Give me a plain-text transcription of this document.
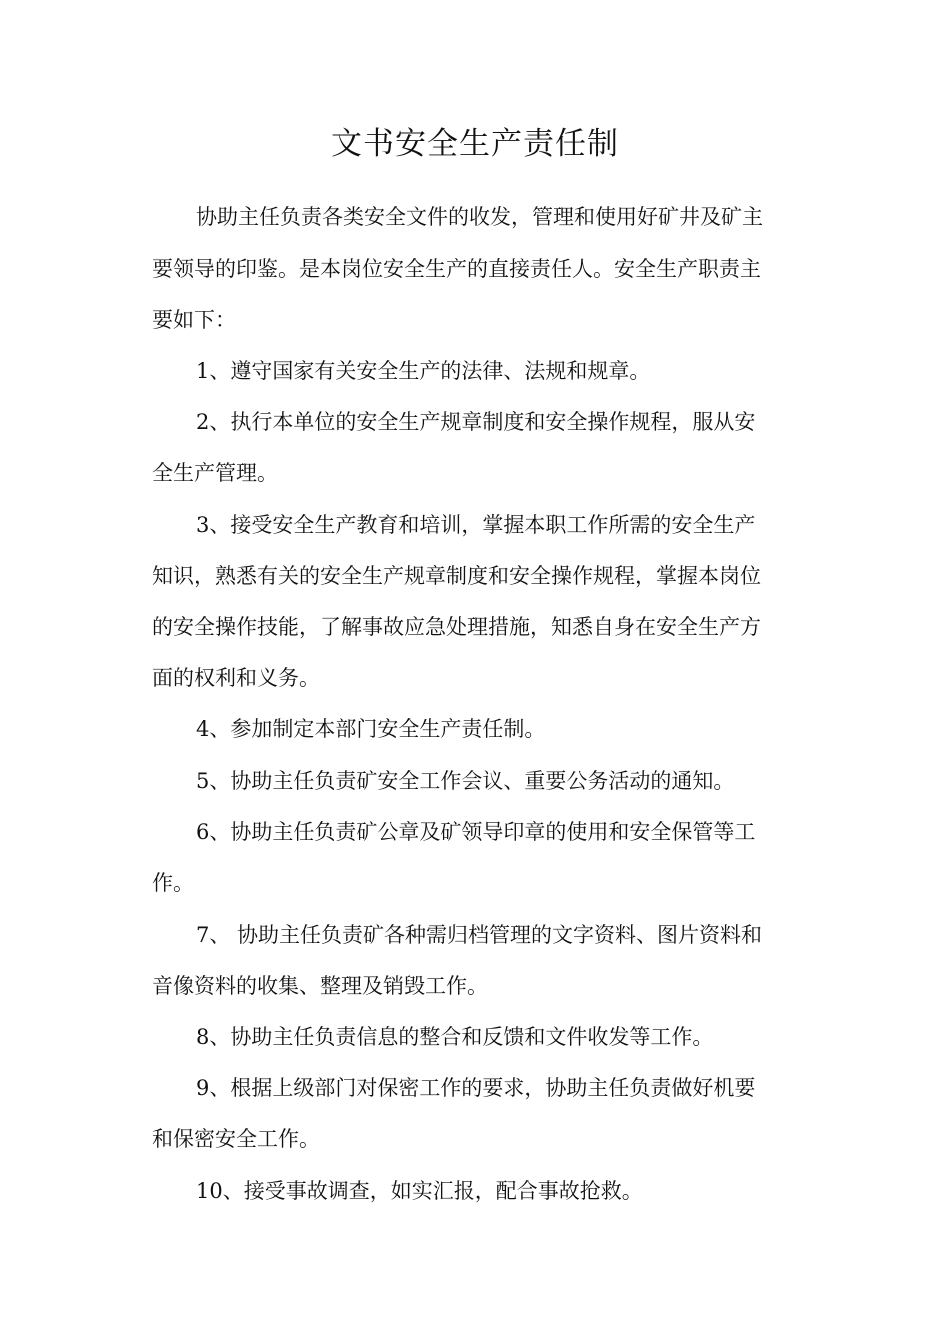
文书安全生产责任制

协助主任负责各类安全文件的收发，管理和使用好矿井及矿主

要领导的印鉴。是本岗位安全生产的直接责任人。安全生产职责主

要如下：

1、遵守国家有关安全生产的法律、法规和规章。

2、执行本单位的安全生产规章制度和安全操作规程，服从安

全生产管理。

3、接受安全生产教育和培训，掌握本职工作所需的安全生产

知识，熟悉有关的安全生产规章制度和安全操作规程，掌握本岗位

的安全操作技能，了解事故应急处理措施，知悉自身在安全生产方

面的权利和义务。

4、参加制定本部门安全生产责任制。

5、协助主任负责矿安全工作会议、重要公务活动的通知。

6、协助主任负责矿公章及矿领导印章的使用和安全保管等工

作。

7、 协助主任负责矿各种需归档管理的文字资料、图片资料和

音像资料的收集、整理及销毁工作。

8、协助主任负责信息的整合和反馈和文件收发等工作。

9、根据上级部门对保密工作的要求，协助主任负责做好机要

和保密安全工作。

10、接受事故调查，如实汇报，配合事故抢救。
